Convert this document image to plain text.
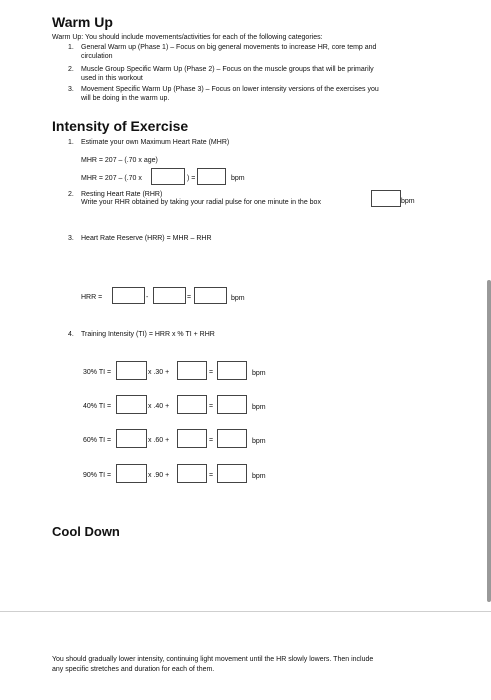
Warm Up
Warm Up: You should include movements/activities for each of the following categories:
1. General Warm up (Phase 1) – Focus on big general movements to increase HR, core temp and
circulation
2. Muscle Group Specific Warm Up (Phase 2) – Focus on the muscle groups that will be primarily
used in this workout
3. Movement Specific Warm Up (Phase 3) – Focus on lower intensity versions of the exercises you
will be doing in the warm up.
Intensity of Exercise
1. Estimate your own Maximum Heart Rate (MHR)
MHR = 207 – (.70 x age)
MHR = 207 – (.70 x	) =	bpm
2. Resting Heart Rate (RHR)
Write your RHR obtained by taking your radial pulse for one minute in the box	bpm
3. Heart Rate Reserve (HRR) = MHR – RHR
HRR =	-	=	bpm
4. Training Intensity (TI) = HRR x % TI + RHR
30% TI =	x .30 +	=	bpm
40% TI =	x .40 +	=	bpm
60% TI =	x .60 +	=	bpm
90% TI =	x .90 +	=	bpm
Cool Down
You should gradually lower intensity, continuing light movement until the HR slowly lowers. Then include
any specific stretches and duration for each of them.
